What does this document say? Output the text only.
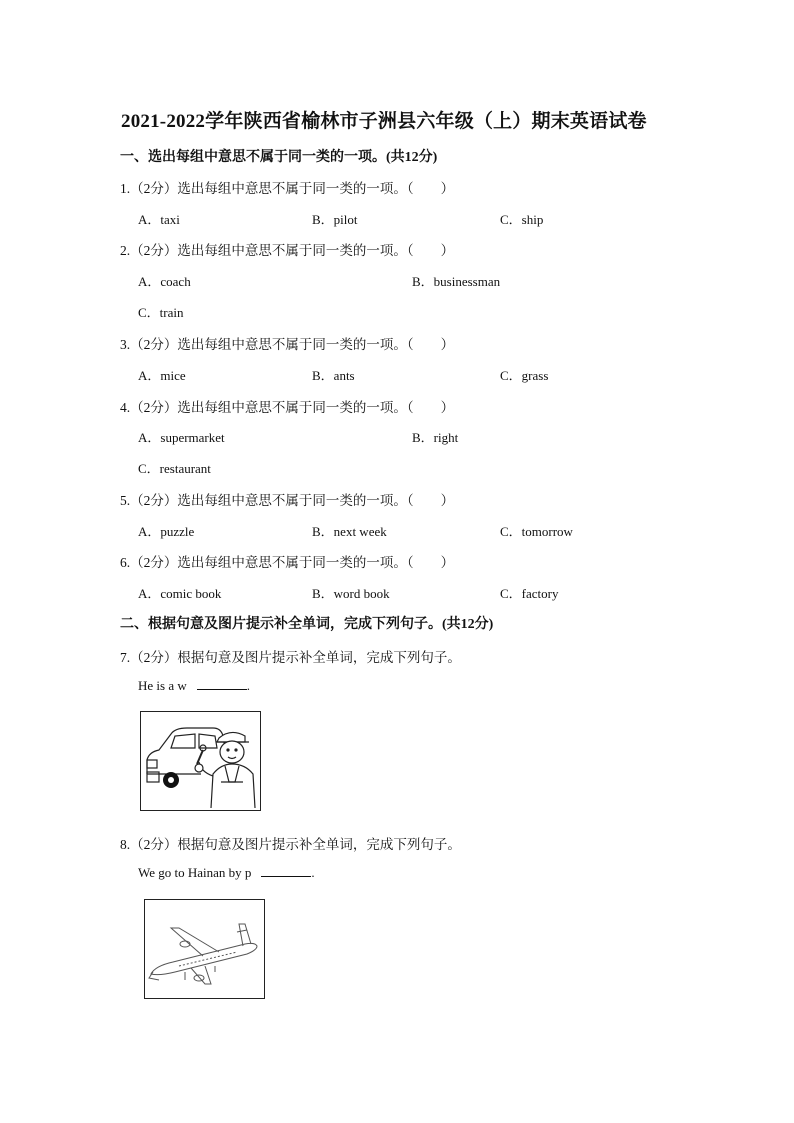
2021-2022学年陕西省榆林市子洲县六年级（上）期末英语试卷
一、选出每组中意思不属于同一类的一项。(共12分)
1.（2分）选出每组中意思不属于同一类的一项。（　　）
A．taxi	B．pilot	C．ship
2.（2分）选出每组中意思不属于同一类的一项。（　　）
A．coach	B．businessman
C．train
3.（2分）选出每组中意思不属于同一类的一项。（　　）
A．mice	B．ants	C．grass
4.（2分）选出每组中意思不属于同一类的一项。（　　）
A．supermarket	B．right
C．restaurant
5.（2分）选出每组中意思不属于同一类的一项。（　　）
A．puzzle	B．next week	C．tomorrow
6.（2分）选出每组中意思不属于同一类的一项。（　　）
A．comic book	B．word book	C．factory
二、根据句意及图片提示补全单词，完成下列句子。(共12分)
7.（2分）根据句意及图片提示补全单词，完成下列句子。
He is a w	.
8.（2分）根据句意及图片提示补全单词，完成下列句子。
We go to Hainan by p	.
